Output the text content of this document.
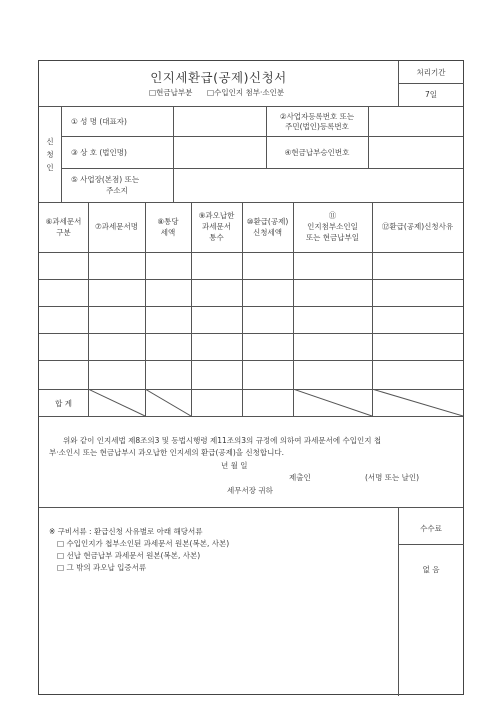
인지세환급(공제)신청서
□현금납부분 □수입인지 첨부·소인분
처리기간
7일
신
청
인
① 성 명 (대표자)
②사업자등록번호 또는
주민(법인)등록번호
③ 상 호 (법인명)	④현금납부승인번호
⑤ 사업장(본점) 또는
주소지
⑥과세문서
구분
⑦과세문서명
⑧통당
세액
⑨과오납한
과세문서
통수
⑩환급(공제)
신청세액
⑪
인지첨부소인일
또는 현금납부일
⑫환급(공제)신청사유
합 계
위와 같이 인지세법 제8조의3 및 동법시행령 제11조의3의 규정에 의하여 과세문서에 수입인지 첩
부·소인시 또는 현금납부시 과오납한 인지세의 환급(공제)을 신청합니다.
년 월 일
제출인	(서명 또는 날인)
세무서장 귀하
※ 구비서류 : 환급신청 사유별로 아래 해당서류
□ 수입인지가 첩부소인된 과세문서 원본(복본, 사본)
□ 선납 현금납부 과세문서 원본(복본, 사본)
□ 그 밖의 과오납 입증서류
수수료
없 음
